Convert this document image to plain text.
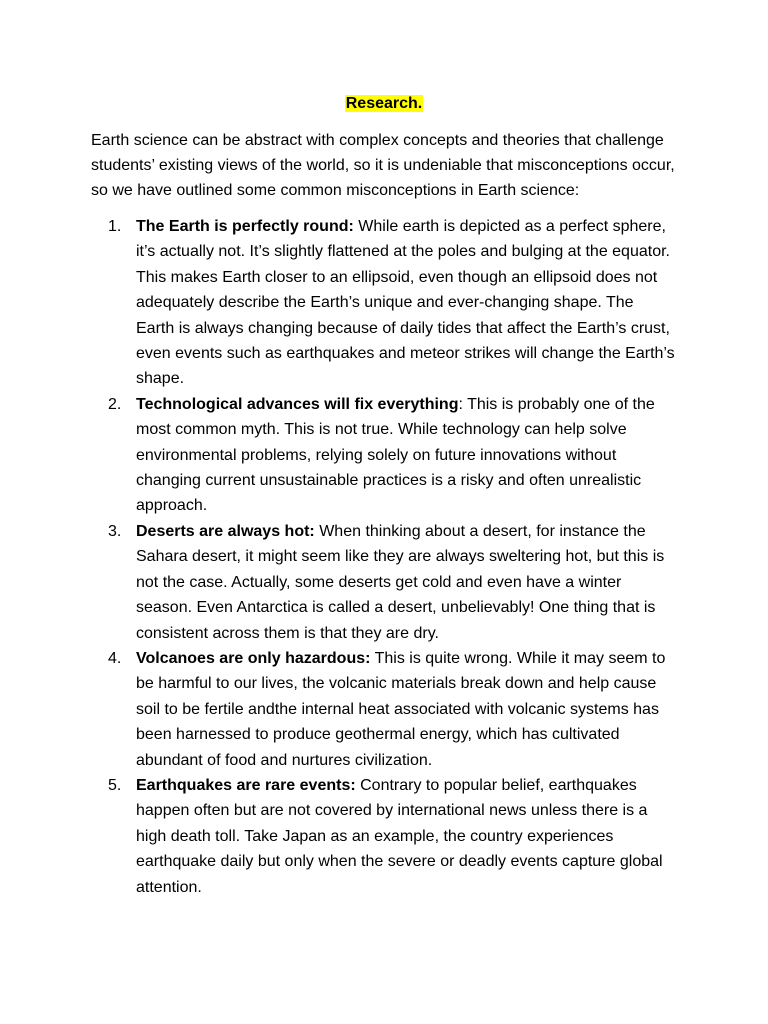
Research.

Earth science can be abstract with complex concepts and theories that challenge students’ existing views of the world, so it is undeniable that misconceptions occur, so we have outlined some common misconceptions in Earth science:

1. The Earth is perfectly round: While earth is depicted as a perfect sphere, it’s actually not. It’s slightly flattened at the poles and bulging at the equator. This makes Earth closer to an ellipsoid, even though an ellipsoid does not adequately describe the Earth’s unique and ever-changing shape. The Earth is always changing because of daily tides that affect the Earth’s crust, even events such as earthquakes and meteor strikes will change the Earth’s shape.
2. Technological advances will fix everything: This is probably one of the most common myth. This is not true. While technology can help solve environmental problems, relying solely on future innovations without changing current unsustainable practices is a risky and often unrealistic approach.
3. Deserts are always hot: When thinking about a desert, for instance the Sahara desert, it might seem like they are always sweltering hot, but this is not the case. Actually, some deserts get cold and even have a winter season. Even Antarctica is called a desert, unbelievably! One thing that is consistent across them is that they are dry.
4. Volcanoes are only hazardous: This is quite wrong. While it may seem to be harmful to our lives, the volcanic materials break down and help cause soil to be fertile andthe internal heat associated with volcanic systems has been harnessed to produce geothermal energy, which has cultivated abundant of food and nurtures civilization.
5. Earthquakes are rare events: Contrary to popular belief, earthquakes happen often but are not covered by international news unless there is a high death toll. Take Japan as an example, the country experiences earthquake daily but only when the severe or deadly events capture global attention.
